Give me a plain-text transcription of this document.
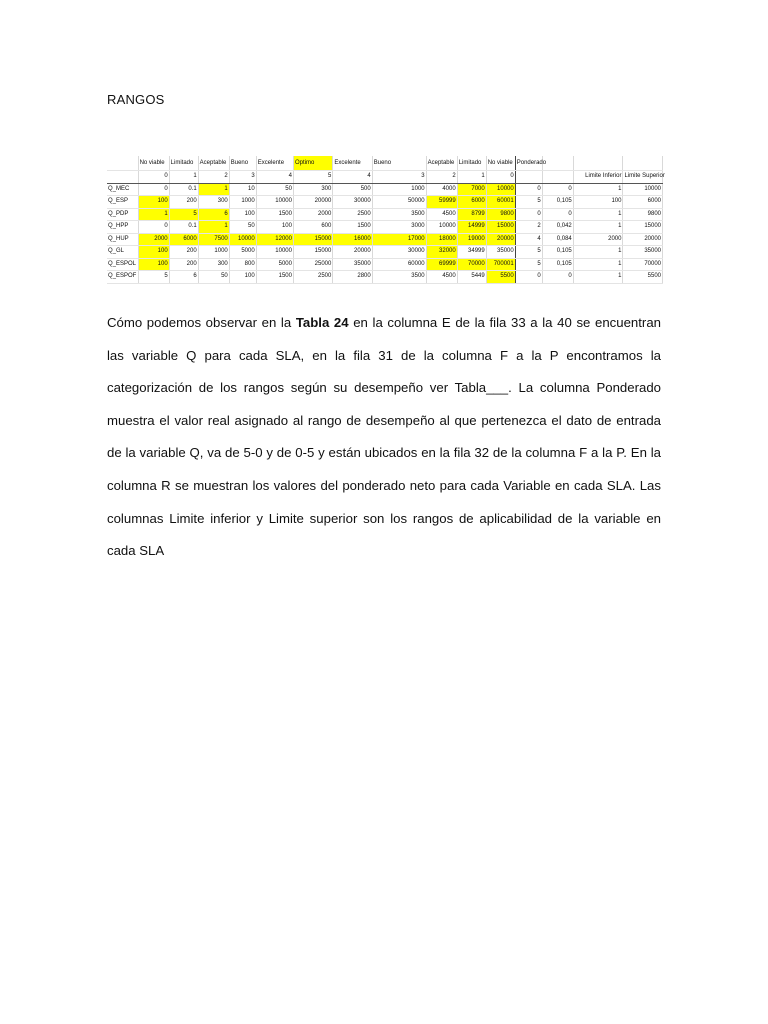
RANGOS
	No viable	Limitado	Aceptable	Bueno	Excelente	Optimo	Excelente	Bueno	Aceptable	Limitado	No viable	Ponderado			
	0	1	2	3	4	5	4	3	2	1	0			Limite Inferior	Limite Superior
Q_MEC	0	0.1	1	10	50	300	500	1000	4000	7000	10000	0	0	1	10000
Q_ESP	100	200	300	1000	10000	20000	30000	50000	59999	6000	60001	5	0,105	100	6000
Q_PDP	1	5	6	100	1500	2000	2500	3500	4500	8799	9800	0	0	1	9800
Q_HPP	0	0.1	1	50	100	600	1500	3000	10000	14999	15000	2	0,042	1	15000
Q_HUP	2000	6000	7500	10000	12000	15000	16000	17000	18000	19000	20000	4	0,084	2000	20000
Q_GL	100	200	1000	5000	10000	15000	20000	30000	32000	34999	35000	5	0,105	1	35000
Q_ESPOL	100	200	300	800	5000	25000	35000	60000	69999	70000	700001	5	0,105	1	70000
Q_ESPOF	5	6	50	100	1500	2500	2800	3500	4500	5449	5500	0	0	1	5500
Cómo podemos observar en la Tabla 24 en la columna E de la fila 33 a la 40 se encuentran las variable Q para cada SLA, en la fila 31 de la columna F a la P encontramos la categorización de los rangos según su desempeño ver Tabla___. La columna Ponderado muestra el valor real asignado al rango de desempeño al que pertenezca el dato de entrada de la variable Q, va de 5-0 y de 0-5 y están ubicados en la fila 32 de la columna F a la P. En la columna R se muestran los valores del ponderado neto para cada Variable en cada SLA. Las columnas Limite inferior y Limite superior son los rangos de aplicabilidad de la variable en cada SLA
